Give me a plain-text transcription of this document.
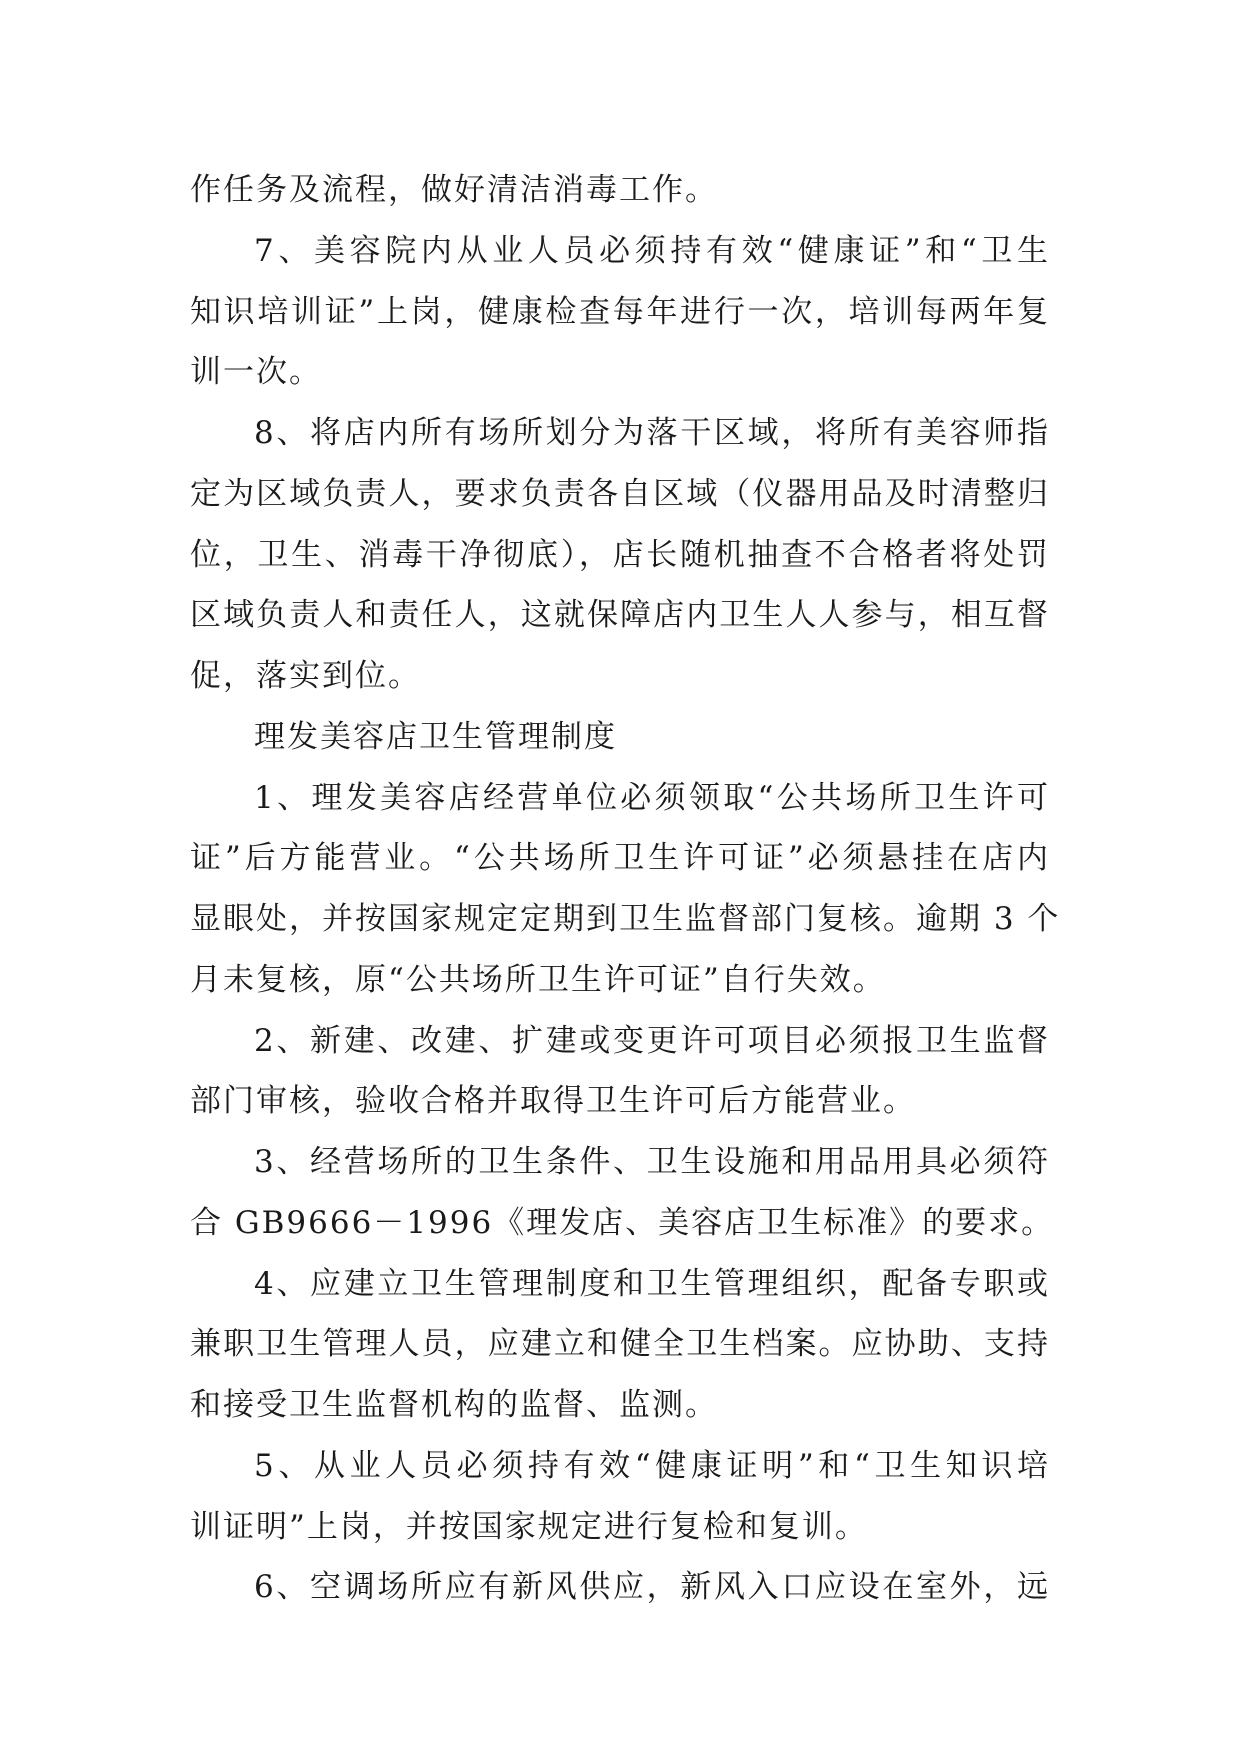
作任务及流程，做好清洁消毒工作。
7、美容院内从业人员必须持有效“健康证”和“卫生
知识培训证”上岗，健康检查每年进行一次，培训每两年复
训一次。
8、将店内所有场所划分为落干区域，将所有美容师指
定为区域负责人，要求负责各自区域（仪器用品及时清整归
位，卫生、消毒干净彻底），店长随机抽查不合格者将处罚
区域负责人和责任人，这就保障店内卫生人人参与，相互督
促，落实到位。
理发美容店卫生管理制度
1、理发美容店经营单位必须领取“公共场所卫生许可
证”后方能营业。“公共场所卫生许可证”必须悬挂在店内
显眼处，并按国家规定定期到卫生监督部门复核。逾期 3 个
月未复核，原“公共场所卫生许可证”自行失效。
2、新建、改建、扩建或变更许可项目必须报卫生监督
部门审核，验收合格并取得卫生许可后方能营业。
3、经营场所的卫生条件、卫生设施和用品用具必须符
合 GB9666－1996《理发店、美容店卫生标准》的要求。
4、应建立卫生管理制度和卫生管理组织，配备专职或
兼职卫生管理人员，应建立和健全卫生档案。应协助、支持
和接受卫生监督机构的监督、监测。
5、从业人员必须持有效“健康证明”和“卫生知识培
训证明”上岗，并按国家规定进行复检和复训。
6、空调场所应有新风供应，新风入口应设在室外，远
